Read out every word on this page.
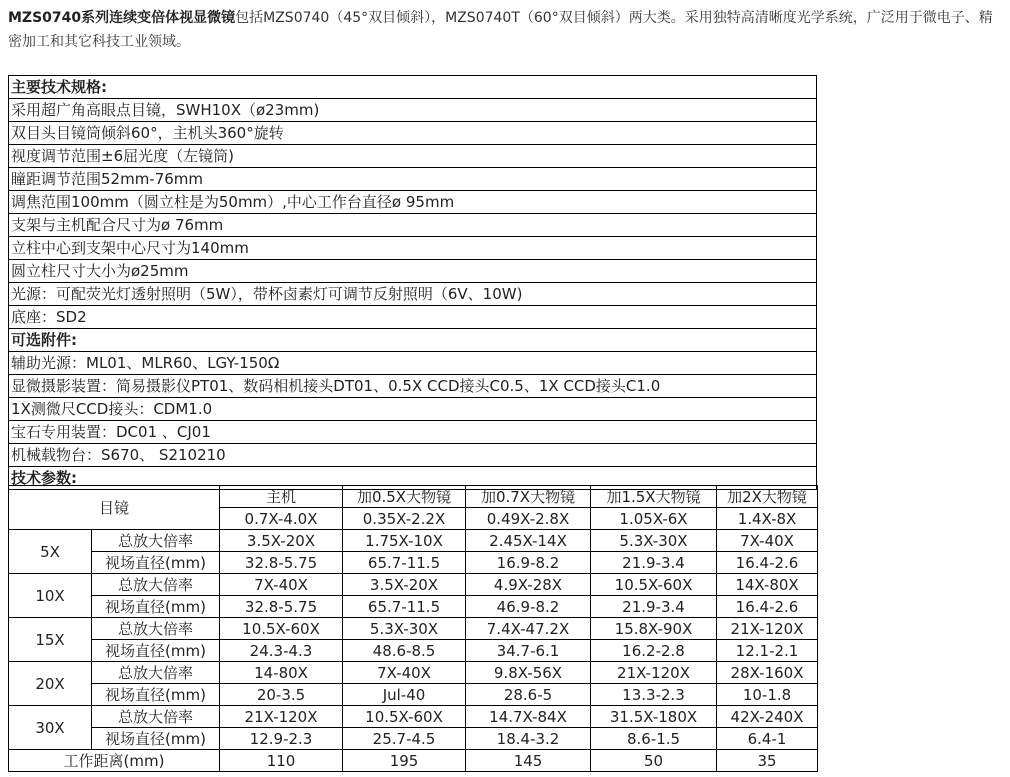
MZS0740系列连续变倍体视显微镜包括MZS0740（45°双目倾斜），MZS0740T（60°双目倾斜）两大类。采用独特高清晰度光学系统，广泛用于微电子、精密加工和其它科技工业领域。
主要技术规格:
采用超广角高眼点目镜，SWH10X（ø23mm)
双目头目镜筒倾斜60°，主机头360°旋转
视度调节范围±6屈光度（左镜筒)
瞳距调节范围52mm-76mm
调焦范围100mm（圆立柱是为50mm）,中心工作台直径ø 95mm
支架与主机配合尺寸为ø 76mm
立柱中心到支架中心尺寸为140mm
圆立柱尺寸大小为ø25mm
光源：可配荧光灯透射照明（5W），带杯卤素灯可调节反射照明（6V、10W)
底座：SD2
可选附件:
辅助光源：ML01、MLR60、LGY-150Ω
显微摄影装置：简易摄影仪PT01、数码相机接头DT01、0.5X CCD接头C0.5、1X CCD接头C1.0
1X测微尺CCD接头：CDM1.0
宝石专用装置：DC01 、CJ01
机械载物台：S670、 S210210
技术参数:
目镜		主机	加0.5X大物镜	加0.7X大物镜	加1.5X大物镜	加2X大物镜
		0.7X-4.0X	0.35X-2.2X	0.49X-2.8X	1.05X-6X	1.4X-8X
5X	总放大倍率	3.5X-20X	1.75X-10X	2.45X-14X	5.3X-30X	7X-40X
	视场直径(mm)	32.8-5.75	65.7-11.5	16.9-8.2	21.9-3.4	16.4-2.6
10X	总放大倍率	7X-40X	3.5X-20X	4.9X-28X	10.5X-60X	14X-80X
	视场直径(mm)	32.8-5.75	65.7-11.5	46.9-8.2	21.9-3.4	16.4-2.6
15X	总放大倍率	10.5X-60X	5.3X-30X	7.4X-47.2X	15.8X-90X	21X-120X
	视场直径(mm)	24.3-4.3	48.6-8.5	34.7-6.1	16.2-2.8	12.1-2.1
20X	总放大倍率	14-80X	7X-40X	9.8X-56X	21X-120X	28X-160X
	视场直径(mm)	20-3.5	Jul-40	28.6-5	13.3-2.3	10-1.8
30X	总放大倍率	21X-120X	10.5X-60X	14.7X-84X	31.5X-180X	42X-240X
	视场直径(mm)	12.9-2.3	25.7-4.5	18.4-3.2	8.6-1.5	6.4-1
工作距离(mm)		110	195	145	50	35
